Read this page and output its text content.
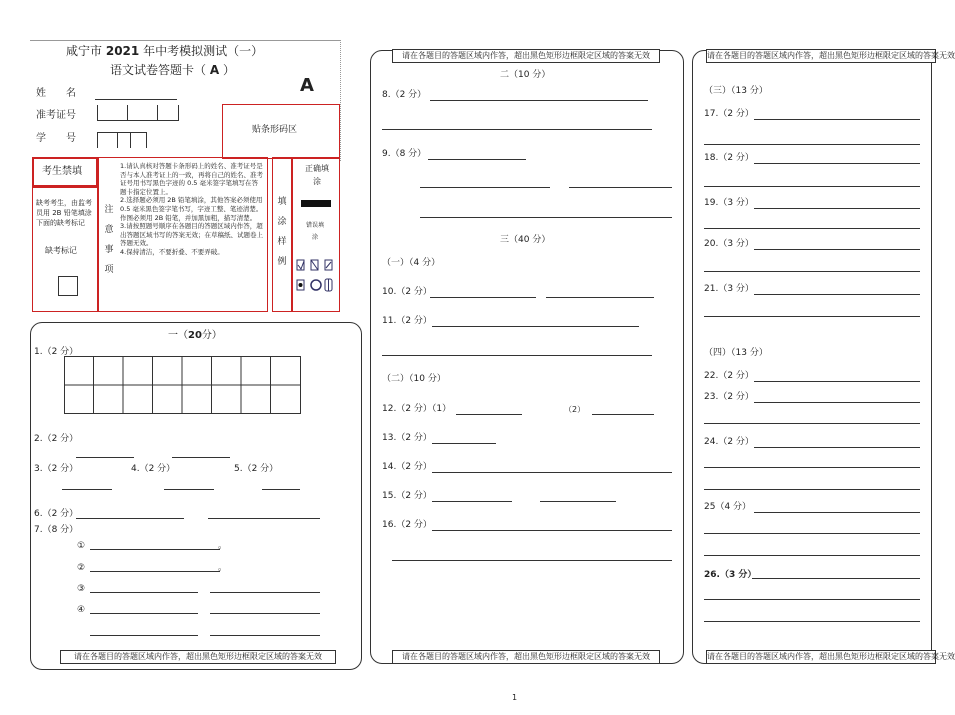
咸宁市 2021 年中考模拟测试（一）
语文试卷答题卡（ A ）
A
姓　　名
准考证号
学　　号
贴条形码区
考生禁填
缺考考生，由监考员用 2B 铅笔填涂下面的缺考标记
缺考标记
注意事项
1.请认真核对答题卡条形码上的姓名、准考证号是否与本人准考证上的一致，再将自己的姓名、准考证号用书写黑色字迹的 0.5 毫米签字笔填写在答题卡指定位置上。
2.选择题必须用 2B 铅笔填涂，其他答案必须使用 0.5 毫米黑色签字笔书写，字迹工整、笔迹清楚。作图必须用 2B 铅笔，并加黑加粗，描写清楚。
3.请按照题号顺序在各题目的答题区域内作答，超出答题区域书写的答案无效；在草稿纸、试题卷上答题无效。
4.保持清洁，不要折叠、不要弄破。
填涂样例
正确填涂
错误填涂
一（20分）
1.（2 分）
2.（2 分）
3.（2 分）	4.（2 分）	5.（2 分）
6.（2 分）
7.（8 分）
①	。
②	。
③
④
请在各题目的答题区域内作答，超出黑色矩形边框限定区域的答案无效
请在各题目的答题区域内作答，超出黑色矩形边框限定区域的答案无效
二（10 分）
8.（2 分）
9.（8 分）
三（40 分）
（一）（4 分）
10.（2 分）
11.（2 分）
（二）（10 分）
12.（2 分）（1）	（2）
13.（2 分）
14.（2 分）
15.（2 分）
16.（2 分）
请在各题目的答题区域内作答，超出黑色矩形边框限定区域的答案无效
请在各题目的答题区域内作答，超出黑色矩形边框限定区域的答案无效
（三）（13 分）
17.（2 分）
18.（2 分）
19.（3 分）
20.（3 分）
21.（3 分）
（四）（13 分）
22.（2 分）
23.（2 分）
24.（2 分）
25（4 分）
26.（3 分）
请在各题目的答题区域内作答，超出黑色矩形边框限定区域的答案无效
1
